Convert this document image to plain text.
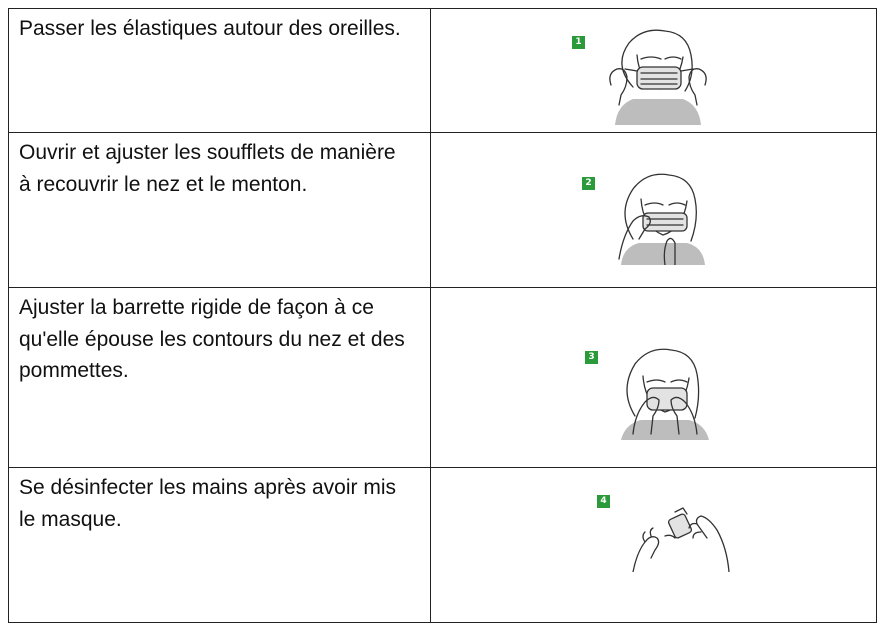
Passer les élastiques autour des oreilles.	1

Ouvrir et ajuster les soufflets de manière à recouvrir le nez et le menton.	2

Ajuster la barrette rigide de façon à ce qu'elle épouse les contours du nez et des pommettes.	3

Se désinfecter les mains après avoir mis le masque.	4
